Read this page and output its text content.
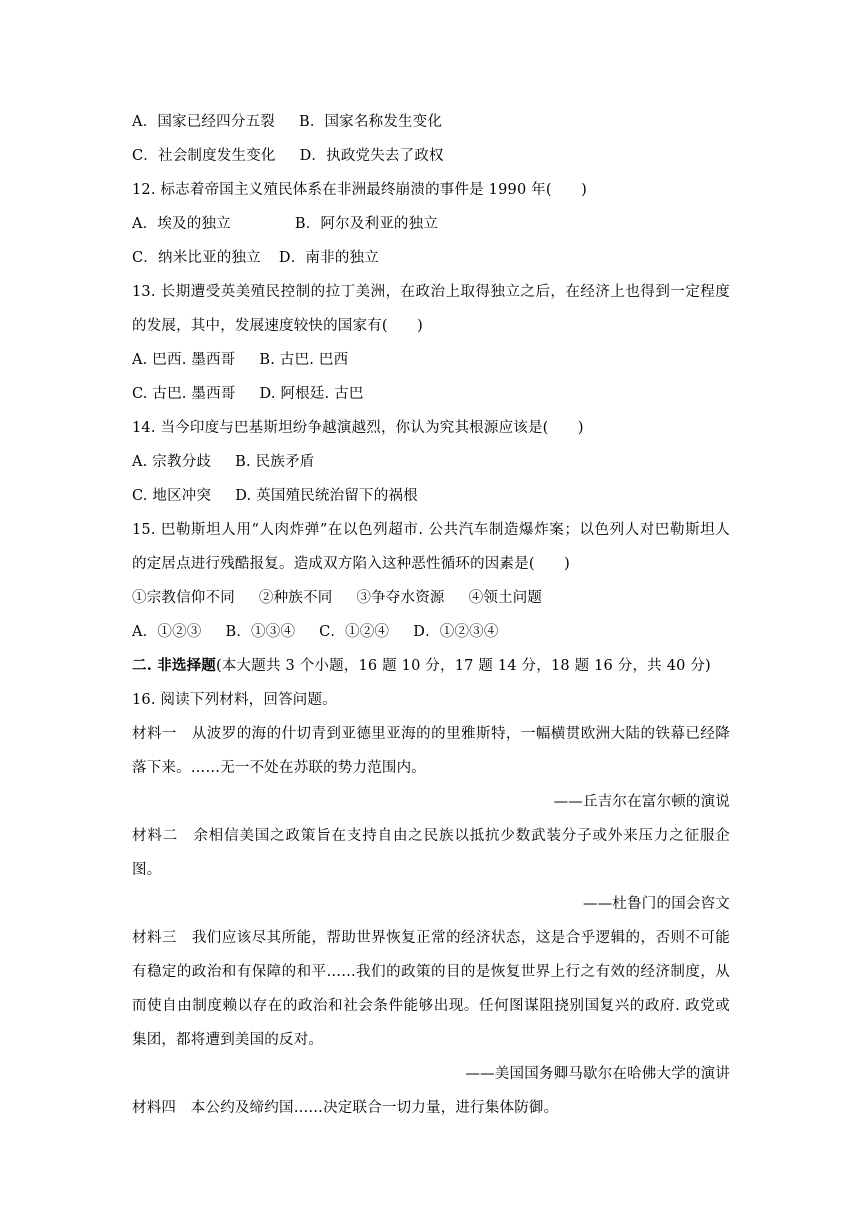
A．国家已经四分五裂 B．国家名称发生变化
C．社会制度发生变化 D．执政党失去了政权
12. 标志着帝国主义殖民体系在非洲最终崩溃的事件是 1990 年(　　)
A．埃及的独立	B．阿尔及利亚的独立
C．纳米比亚的独立 D．南非的独立
13. 长期遭受英美殖民控制的拉丁美洲，在政治上取得独立之后，在经济上也得到一定程度
的发展，其中，发展速度较快的国家有(　　)
A. 巴西. 墨西哥 B. 古巴. 巴西
C. 古巴. 墨西哥 D. 阿根廷. 古巴
14. 当今印度与巴基斯坦纷争越演越烈，你认为究其根源应该是(　　)
A. 宗教分歧 B. 民族矛盾
C. 地区冲突 D. 英国殖民统治留下的祸根
15. 巴勒斯坦人用“人肉炸弹”在以色列超市. 公共汽车制造爆炸案；以色列人对巴勒斯坦人
的定居点进行残酷报复。造成双方陷入这种恶性循环的因素是(　　)
①宗教信仰不同 ②种族不同 ③争夺水资源 ④领土问题
A．①②③ B．①③④ C．①②④ D．①②③④
二. 非选择题(本大题共 3 个小题，16 题 10 分，17 题 14 分，18 题 16 分，共 40 分)
16. 阅读下列材料，回答问题。
材料一　从波罗的海的什切青到亚德里亚海的的里雅斯特，一幅横贯欧洲大陆的铁幕已经降
落下来。……无一不处在苏联的势力范围内。
——丘吉尔在富尔顿的演说
材料二　余相信美国之政策旨在支持自由之民族以抵抗少数武装分子或外来压力之征服企
图。
——杜鲁门的国会咨文
材料三　我们应该尽其所能，帮助世界恢复正常的经济状态，这是合乎逻辑的，否则不可能
有稳定的政治和有保障的和平……我们的政策的目的是恢复世界上行之有效的经济制度，从
而使自由制度赖以存在的政治和社会条件能够出现。任何图谋阻挠别国复兴的政府. 政党或
集团，都将遭到美国的反对。
——美国国务卿马歇尔在哈佛大学的演讲
材料四　本公约及缔约国……决定联合一切力量，进行集体防御。
